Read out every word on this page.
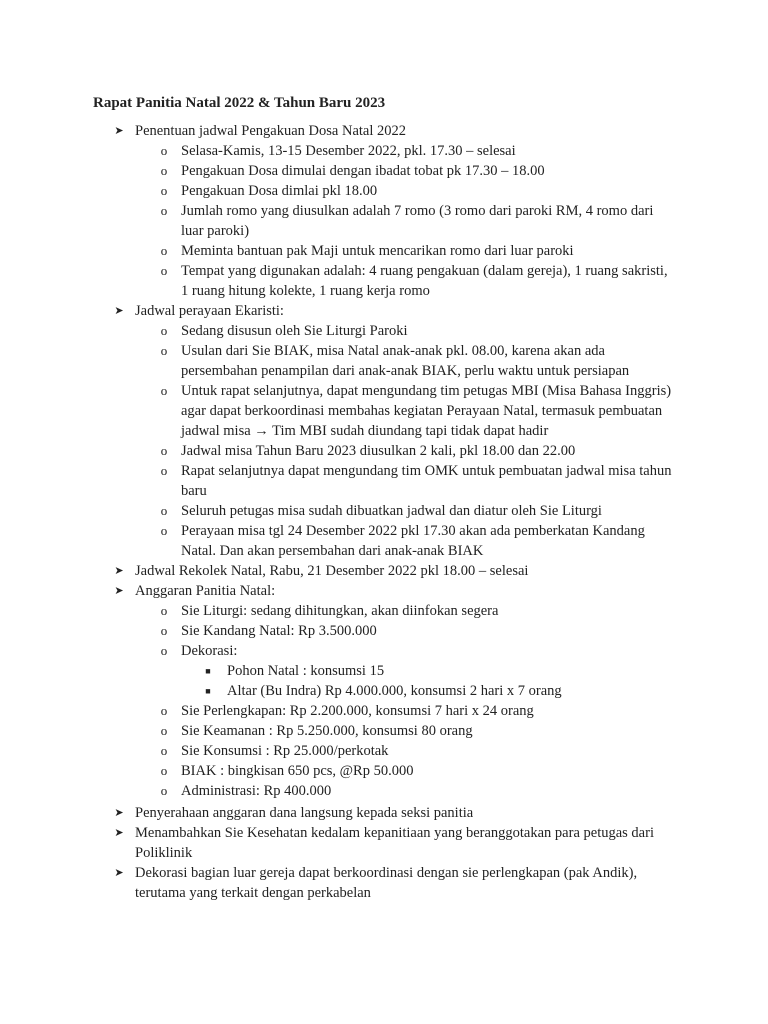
Rapat Panitia Natal 2022 & Tahun Baru 2023
➤ Penentuan jadwal Pengakuan Dosa Natal 2022
o Selasa-Kamis, 13-15 Desember 2022, pkl. 17.30 – selesai
o Pengakuan Dosa dimulai dengan ibadat tobat pk 17.30 – 18.00
o Pengakuan Dosa dimlai pkl 18.00
o Jumlah romo yang diusulkan adalah 7 romo (3 romo dari paroki RM, 4 romo dari luar paroki)
o Meminta bantuan pak Maji untuk mencarikan romo dari luar paroki
o Tempat yang digunakan adalah: 4 ruang pengakuan (dalam gereja), 1 ruang sakristi, 1 ruang hitung kolekte, 1 ruang kerja romo
➤ Jadwal perayaan Ekaristi:
o Sedang disusun oleh Sie Liturgi Paroki
o Usulan dari Sie BIAK, misa Natal anak-anak pkl. 08.00, karena akan ada persembahan penampilan dari anak-anak BIAK, perlu waktu untuk persiapan
o Untuk rapat selanjutnya, dapat mengundang tim petugas MBI (Misa Bahasa Inggris) agar dapat berkoordinasi membahas kegiatan Perayaan Natal, termasuk pembuatan jadwal misa → Tim MBI sudah diundang tapi tidak dapat hadir
o Jadwal misa Tahun Baru 2023 diusulkan 2 kali, pkl 18.00 dan 22.00
o Rapat selanjutnya dapat mengundang tim OMK untuk pembuatan jadwal misa tahun baru
o Seluruh petugas misa sudah dibuatkan jadwal dan diatur oleh Sie Liturgi
o Perayaan misa tgl 24 Desember 2022 pkl 17.30 akan ada pemberkatan Kandang Natal. Dan akan persembahan dari anak-anak BIAK
➤ Jadwal Rekolek Natal, Rabu, 21 Desember 2022 pkl 18.00 – selesai
➤ Anggaran Panitia Natal:
o Sie Liturgi: sedang dihitungkan, akan diinfokan segera
o Sie Kandang Natal: Rp 3.500.000
o Dekorasi:
■ Pohon Natal : konsumsi 15
■ Altar (Bu Indra) Rp 4.000.000, konsumsi 2 hari x 7 orang
o Sie Perlengkapan: Rp 2.200.000, konsumsi 7 hari x 24 orang
o Sie Keamanan : Rp 5.250.000, konsumsi 80 orang
o Sie Konsumsi : Rp 25.000/perkotak
o BIAK : bingkisan 650 pcs, @Rp 50.000
o Administrasi: Rp 400.000
➤ Penyerahaan anggaran dana langsung kepada seksi panitia
➤ Menambahkan Sie Kesehatan kedalam kepanitiaan yang beranggotakan para petugas dari Poliklinik
➤ Dekorasi bagian luar gereja dapat berkoordinasi dengan sie perlengkapan (pak Andik), terutama yang terkait dengan perkabelan
